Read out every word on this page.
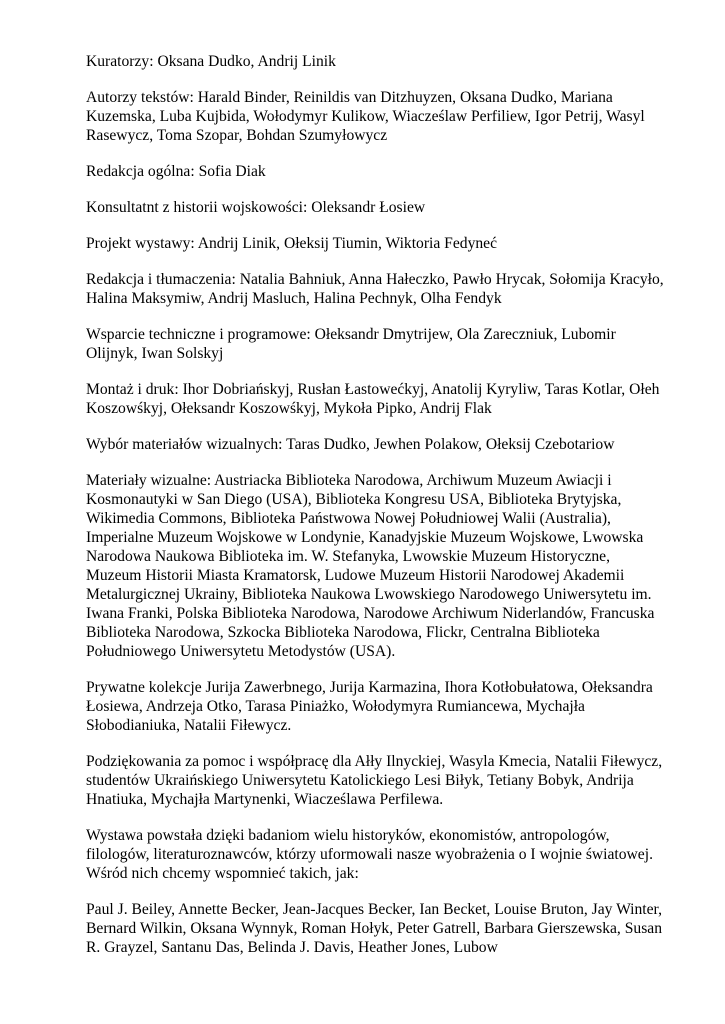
Kuratorzy: Oksana Dudko, Andrij Linik

Autorzy tekstów: Harald Binder, Reinildis van Ditzhuyzen, Oksana Dudko, Mariana Kuzemska, Luba Kujbida, Wołodymyr Kulikow, Wiacześlaw Perfiliew, Igor Petrij, Wasyl Rasewycz, Toma Szopar, Bohdan Szumyłowycz

Redakcja ogólna: Sofia Diak

Konsultatnt z historii wojskowości: Oleksandr Łosiew

Projekt wystawy: Andrij Linik, Ołeksij Tiumin, Wiktoria Fedyneć

Redakcja i tłumaczenia: Natalia Bahniuk, Anna Hałeczko, Pawło Hrycak, Sołomija Kracyło, Halina Maksymiw, Andrij Masluch, Halina Pechnyk, Olha Fendyk

Wsparcie techniczne i programowe: Ołeksandr Dmytrijew, Ola Zareczniuk, Lubomir Olijnyk, Iwan Solskyj

Montaż i druk: Ihor Dobriańskyj, Rusłan Łastowećkyj, Anatolij Kyryliw, Taras Kotlar, Ołeh Koszowśkyj, Ołeksandr Koszowśkyj, Mykoła Pipko, Andrij Flak

Wybór materiałów wizualnych: Taras Dudko, Jewhen Polakow, Ołeksij Czebotariow

Materiały wizualne: Austriacka Biblioteka Narodowa, Archiwum Muzeum Awiacji i Kosmonautyki w San Diego (USA), Biblioteka Kongresu USA, Biblioteka Brytyjska, Wikimedia Commons, Biblioteka Państwowa Nowej Południowej Walii (Australia), Imperialne Muzeum Wojskowe w Londynie, Kanadyjskie Muzeum Wojskowe, Lwowska Narodowa Naukowa Biblioteka im. W. Stefanyka, Lwowskie Muzeum Historyczne, Muzeum Historii Miasta Kramatorsk, Ludowe Muzeum Historii Narodowej Akademii Metalurgicznej Ukrainy, Biblioteka Naukowa Lwowskiego Narodowego Uniwersytetu im. Iwana Franki, Polska Biblioteka Narodowa, Narodowe Archiwum Niderlandów, Francuska Biblioteka Narodowa, Szkocka Biblioteka Narodowa, Flickr, Centralna Biblioteka Południowego Uniwersytetu Metodystów (USA).

Prywatne kolekcje Jurija Zawerbnego, Jurija Karmazina, Ihora Kotłobułatowa, Ołeksandra Łosiewa, Andrzeja Otko, Tarasa Piniażko, Wołodymyra Rumiancewa, Mychajła Słobodianiuka, Natalii Fiłewycz.

Podziękowania za pomoc i współpracę dla Ałły Ilnyckiej, Wasyla Kmecia, Natalii Fiłewycz, studentów Ukraińskiego Uniwersytetu Katolickiego Lesi Biłyk, Tetiany Bobyk, Andrija Hnatiuka, Mychajła Martynenki, Wiacześlawa Perfilewa.

Wystawa powstała dzięki badaniom wielu historyków, ekonomistów, antropologów, filologów, literaturoznawców, którzy uformowali nasze wyobrażenia o I wojnie światowej. Wśród nich chcemy wspomnieć takich, jak:

Paul J. Beiley, Annette Becker, Jean-Jacques Becker, Ian Becket, Louise Bruton, Jay Winter, Bernard Wilkin, Oksana Wynnyk, Roman Hołyk, Peter Gatrell, Barbara Gierszewska, Susan R. Grayzel, Santanu Das, Belinda J. Davis, Heather Jones, Lubow
